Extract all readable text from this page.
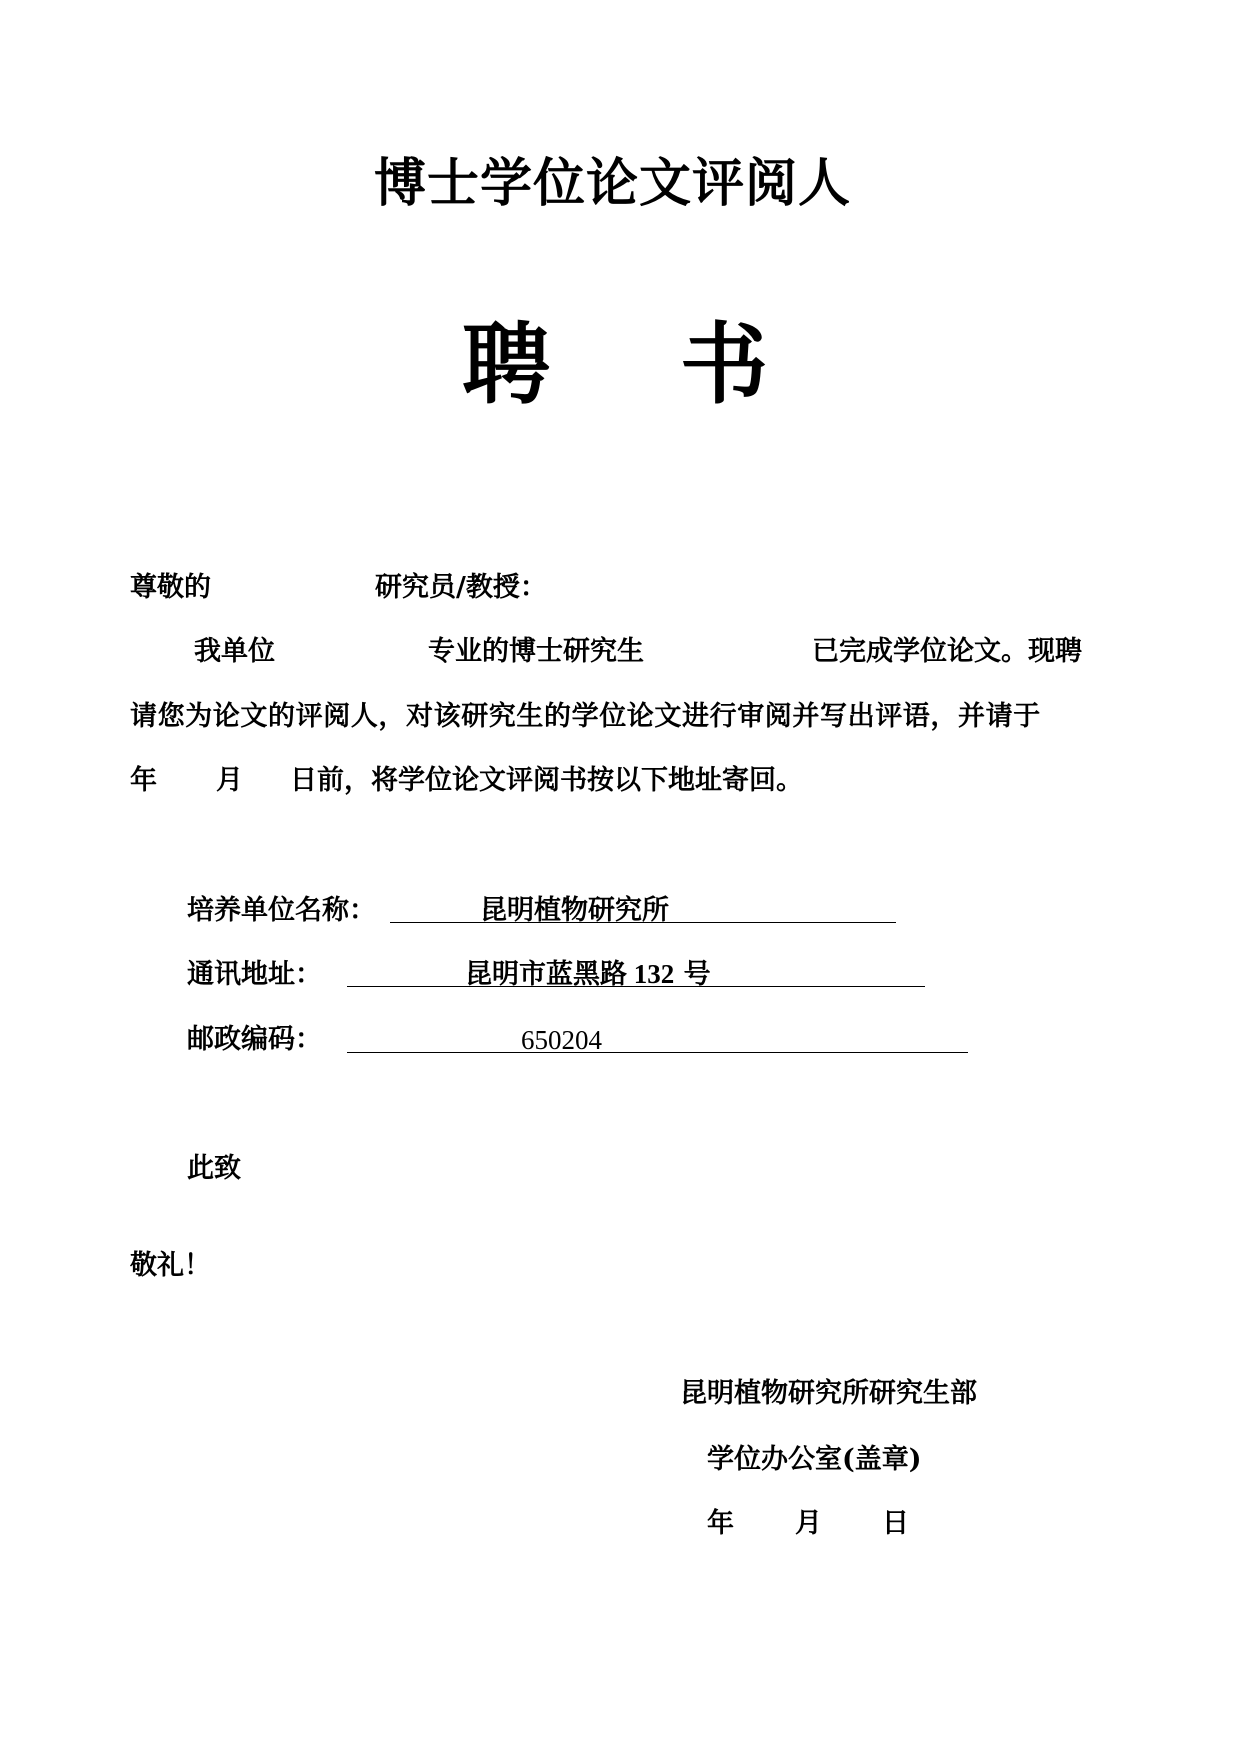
博士学位论文评阅人
聘 书
尊敬的	研究员/教授：
我单位	专业的博士研究生	已完成学位论文。现聘
请您为论文的评阅人，对该研究生的学位论文进行审阅并写出评语，并请于
年 月 日前，将学位论文评阅书按以下地址寄回。
培养单位名称：	昆明植物研究所
通讯地址：	昆明市蓝黑路 132 号
邮政编码：	650204
此致
敬礼！
昆明植物研究所研究生部
学位办公室(盖章)
年 月 日
